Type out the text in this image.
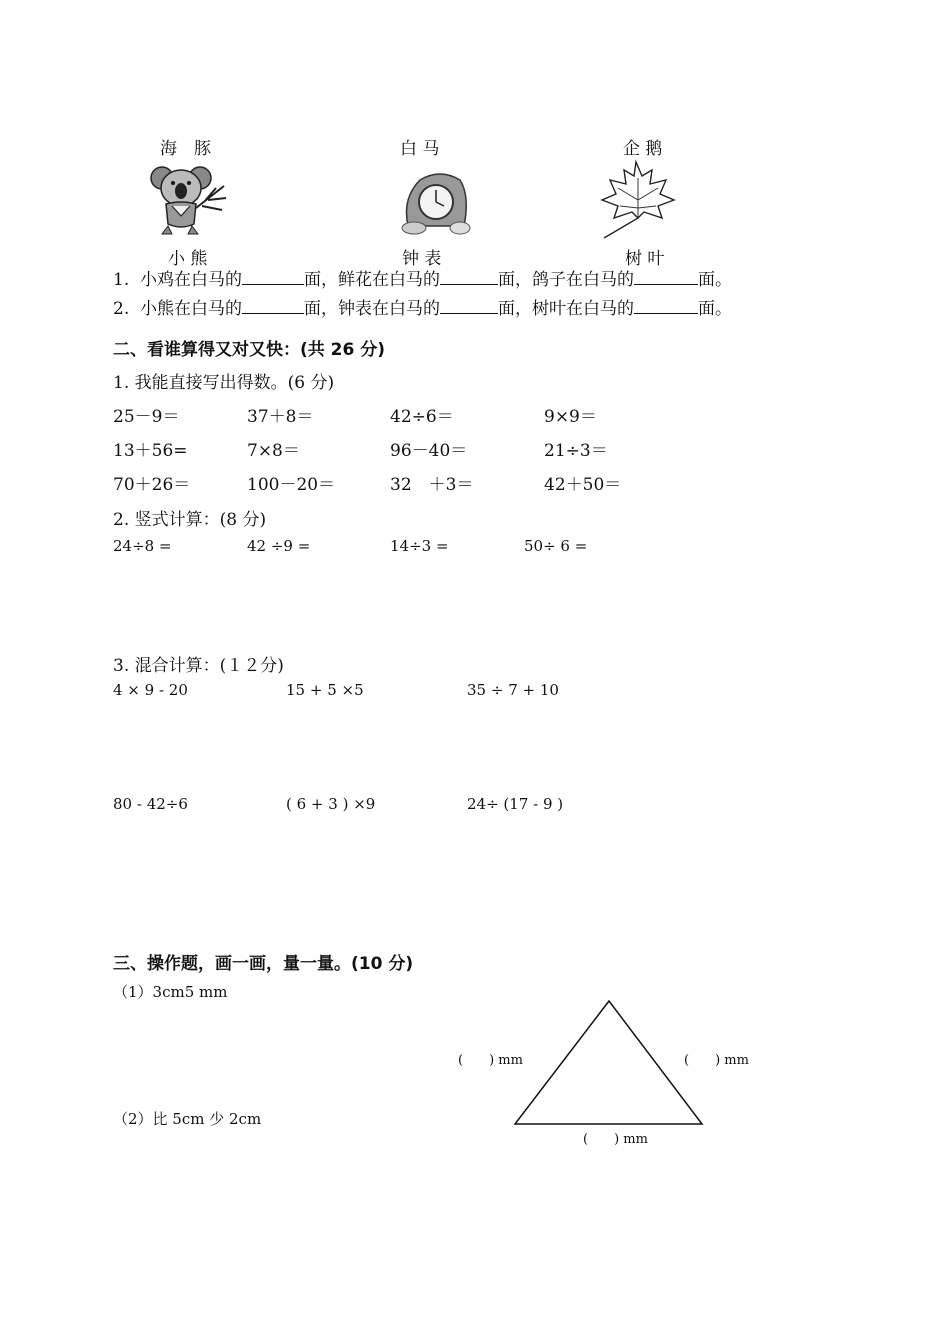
海　豚	白 马	企 鹅
小 熊	钟 表	树 叶
1. 小鸡在白马的	面，鲜花在白马的	面，鸽子在白马的	面。
2. 小熊在白马的	面，钟表在白马的	面，树叶在白马的	面。
二、看谁算得又对又快：(共 26 分)
1. 我能直接写出得数。(6 分)
25－9＝	37＋8＝	42÷6＝	9×9＝
13＋56=	7×8＝	96－40＝	21÷3＝
70＋26＝	100－20＝	32　＋3＝	42＋50＝
2. 竖式计算：(8 分)
24÷8 =	42 ÷9 =	14÷3 =	50÷ 6 =
3. 混合计算：(１２分)
4 × 9 - 20	15 + 5 ×5	35 ÷ 7 + 10
80 - 42÷6	( 6 + 3 ) ×9	24÷ (17 - 9 )
三、操作题，画一画，量一量。(10 分)
（1）3cm5 mm
（2）比 5cm 少 2cm
(　　) mm	(　　) mm
(　　) mm
